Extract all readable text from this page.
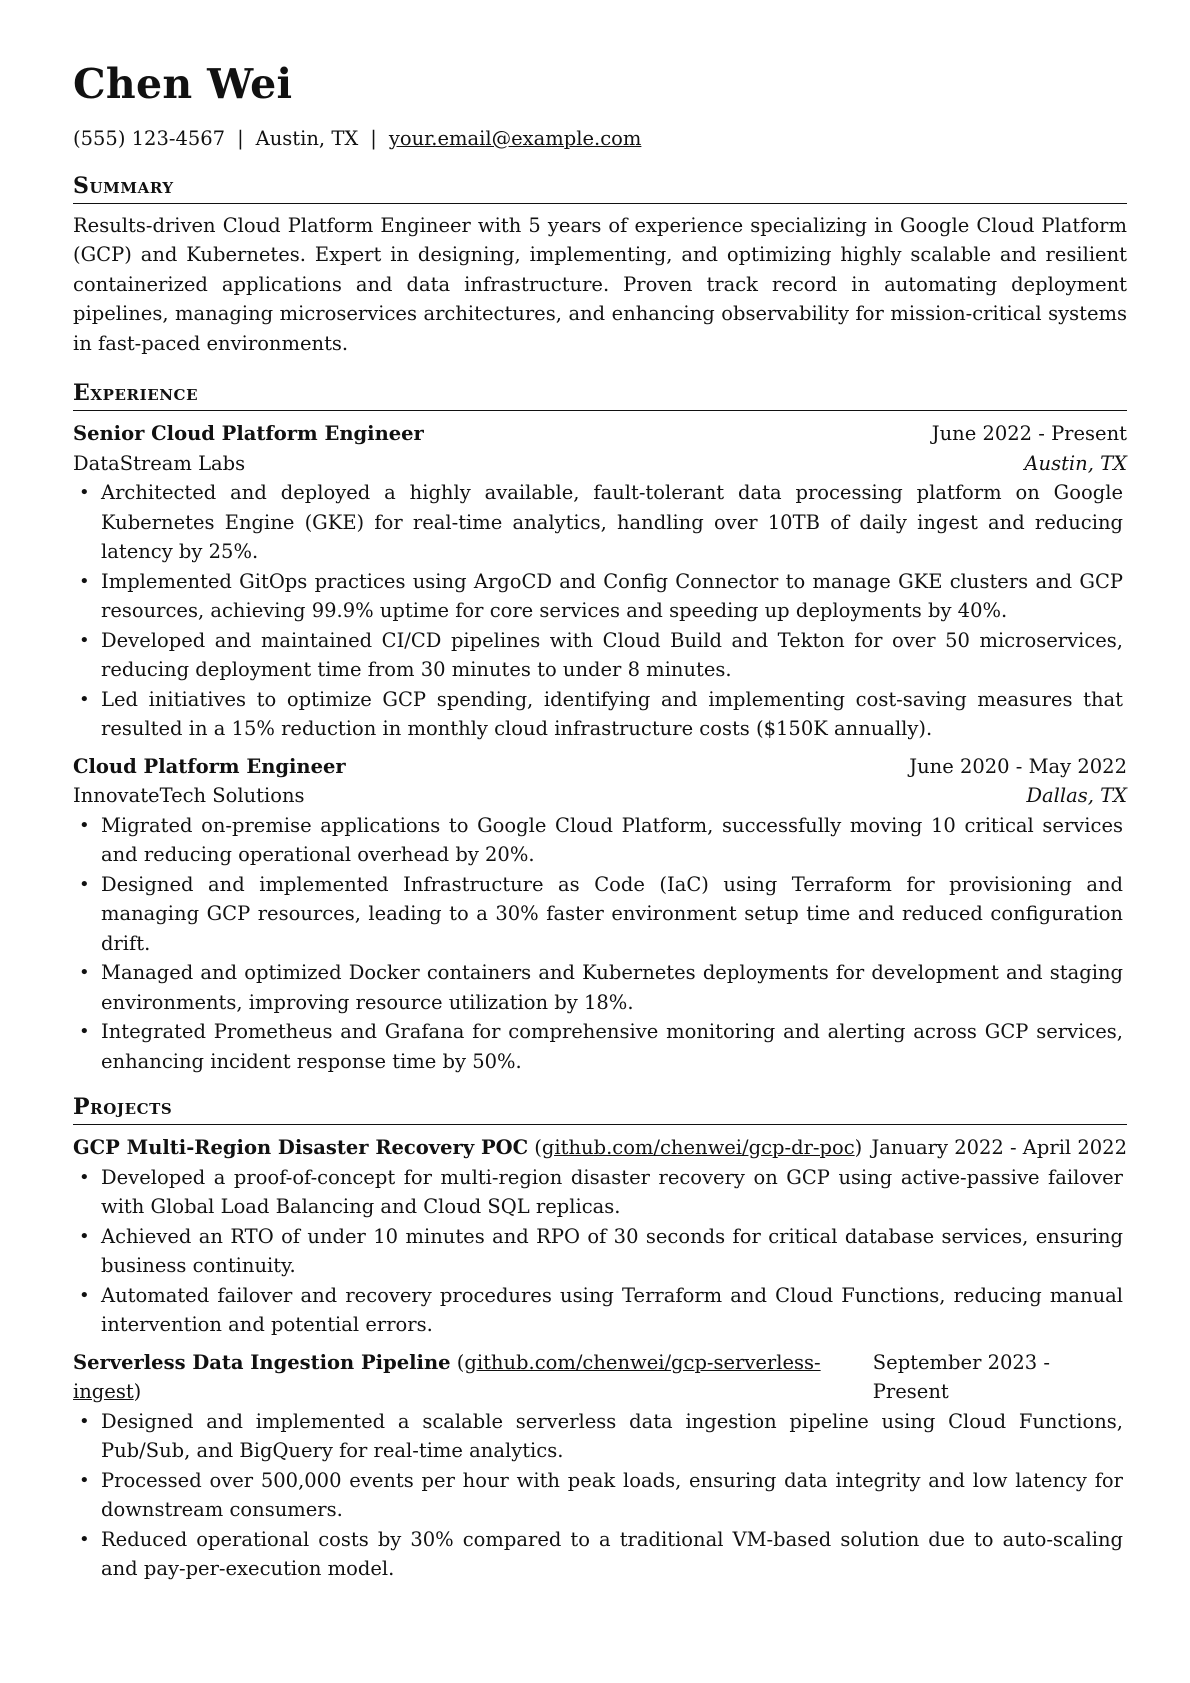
Chen Wei
(555) 123-4567 | Austin, TX | your.email@example.com
Summary
Results-driven Cloud Platform Engineer with 5 years of experience specializing in Google Cloud Platform (GCP) and Kubernetes. Expert in designing, implementing, and optimizing highly scalable and resilient containerized applications and data infrastructure. Proven track record in automating deployment pipelines, managing microservices architectures, and enhancing observability for mission-critical systems in fast-paced environments.
Experience
Senior Cloud Platform Engineer	June 2022 - Present
DataStream Labs	Austin, TX
• Architected and deployed a highly available, fault-tolerant data processing platform on Google Kubernetes Engine (GKE) for real-time analytics, handling over 10TB of daily ingest and reducing latency by 25%.
• Implemented GitOps practices using ArgoCD and Config Connector to manage GKE clusters and GCP resources, achieving 99.9% uptime for core services and speeding up deployments by 40%.
• Developed and maintained CI/CD pipelines with Cloud Build and Tekton for over 50 microservices, reducing deployment time from 30 minutes to under 8 minutes.
• Led initiatives to optimize GCP spending, identifying and implementing cost-saving measures that resulted in a 15% reduction in monthly cloud infrastructure costs ($150K annually).
Cloud Platform Engineer	June 2020 - May 2022
InnovateTech Solutions	Dallas, TX
• Migrated on-premise applications to Google Cloud Platform, successfully moving 10 critical services and reducing operational overhead by 20%.
• Designed and implemented Infrastructure as Code (IaC) using Terraform for provisioning and managing GCP resources, leading to a 30% faster environment setup time and reduced configuration drift.
• Managed and optimized Docker containers and Kubernetes deployments for development and staging environments, improving resource utilization by 18%.
• Integrated Prometheus and Grafana for comprehensive monitoring and alerting across GCP services, enhancing incident response time by 50%.
Projects
GCP Multi-Region Disaster Recovery POC (github.com/chenwei/gcp-dr-poc) January 2022 - April 2022
• Developed a proof-of-concept for multi-region disaster recovery on GCP using active-passive failover with Global Load Balancing and Cloud SQL replicas.
• Achieved an RTO of under 10 minutes and RPO of 30 seconds for critical database services, ensuring business continuity.
• Automated failover and recovery procedures using Terraform and Cloud Functions, reducing manual intervention and potential errors.
Serverless Data Ingestion Pipeline (github.com/chenwei/gcp-serverless-ingest)
September 2023 - Present
• Designed and implemented a scalable serverless data ingestion pipeline using Cloud Functions, Pub/Sub, and BigQuery for real-time analytics.
• Processed over 500,000 events per hour with peak loads, ensuring data integrity and low latency for downstream consumers.
• Reduced operational costs by 30% compared to a traditional VM-based solution due to auto-scaling and pay-per-execution model.
